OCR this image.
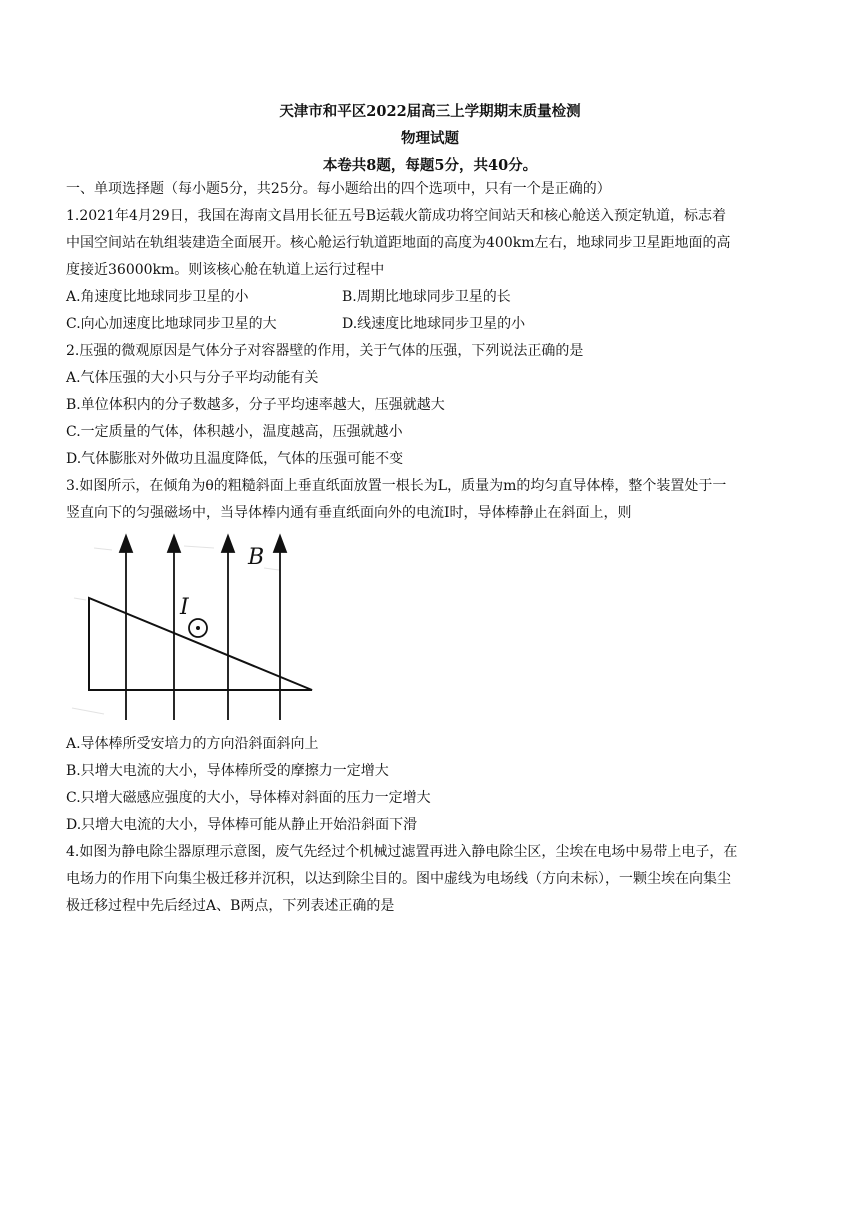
天津市和平区2022届高三上学期期末质量检测
物理试题
本卷共8题，每题5分，共40分。
一、单项选择题（每小题5分，共25分。每小题给出的四个选项中，只有一个是正确的）
1.2021年4月29日，我国在海南文昌用长征五号B运载火箭成功将空间站天和核心舱送入预定轨道，标志着
中国空间站在轨组装建造全面展开。核心舱运行轨道距地面的高度为400km左右，地球同步卫星距地面的高
度接近36000km。则该核心舱在轨道上运行过程中
A.角速度比地球同步卫星的小	B.周期比地球同步卫星的长
C.向心加速度比地球同步卫星的大	D.线速度比地球同步卫星的小
2.压强的微观原因是气体分子对容器壁的作用，关于气体的压强，下列说法正确的是
A.气体压强的大小只与分子平均动能有关
B.单位体积内的分子数越多，分子平均速率越大，压强就越大
C.一定质量的气体，体积越小，温度越高，压强就越小
D.气体膨胀对外做功且温度降低，气体的压强可能不变
3.如图所示，在倾角为θ的粗糙斜面上垂直纸面放置一根长为L，质量为m的均匀直导体棒，整个装置处于一
竖直向下的匀强磁场中，当导体棒内通有垂直纸面向外的电流I时，导体棒静止在斜面上，则
I
B
A.导体棒所受安培力的方向沿斜面斜向上
B.只增大电流的大小，导体棒所受的摩擦力一定增大
C.只增大磁感应强度的大小，导体棒对斜面的压力一定增大
D.只增大电流的大小，导体棒可能从静止开始沿斜面下滑
4.如图为静电除尘器原理示意图，废气先经过个机械过滤置再进入静电除尘区，尘埃在电场中易带上电子，在
电场力的作用下向集尘极迁移并沉积，以达到除尘目的。图中虚线为电场线（方向未标），一颗尘埃在向集尘
极迁移过程中先后经过A、B两点，下列表述正确的是
